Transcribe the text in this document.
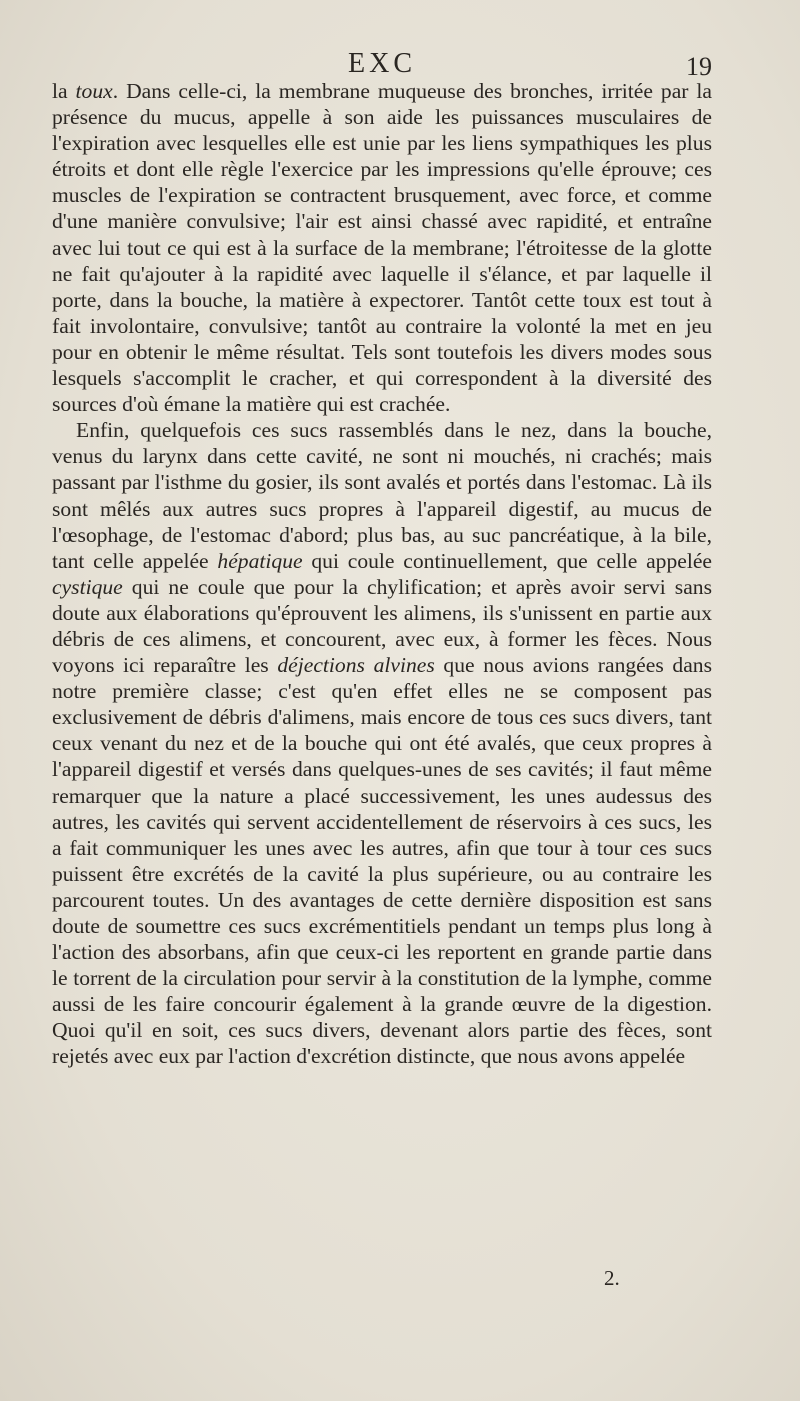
EXC	19

la toux. Dans celle-ci, la membrane muqueuse des bronches, irritée par la présence du mucus, appelle à son aide les puissances musculaires de l'expiration avec lesquelles elle est unie par les liens sympathiques les plus étroits et dont elle règle l'exercice par les impressions qu'elle éprouve; ces muscles de l'expiration se contractent brusquement, avec force, et comme d'une manière convulsive; l'air est ainsi chassé avec rapidité, et entraîne avec lui tout ce qui est à la surface de la membrane; l'étroitesse de la glotte ne fait qu'ajouter à la rapidité avec laquelle il s'élance, et par laquelle il porte, dans la bouche, la matière à expectorer. Tantôt cette toux est tout à fait involontaire, convulsive; tantôt au contraire la volonté la met en jeu pour en obtenir le même résultat. Tels sont toutefois les divers modes sous lesquels s'accomplit le cracher, et qui correspondent à la diversité des sources d'où émane la matière qui est crachée.

Enfin, quelquefois ces sucs rassemblés dans le nez, dans la bouche, venus du larynx dans cette cavité, ne sont ni mouchés, ni crachés; mais passant par l'isthme du gosier, ils sont avalés et portés dans l'estomac. Là ils sont mêlés aux autres sucs propres à l'appareil digestif, au mucus de l'œsophage, de l'estomac d'abord; plus bas, au suc pancréatique, à la bile, tant celle appelée hépatique qui coule continuellement, que celle appelée cystique qui ne coule que pour la chylification; et après avoir servi sans doute aux élaborations qu'éprouvent les alimens, ils s'unissent en partie aux débris de ces alimens, et concourent, avec eux, à former les fèces. Nous voyons ici reparaître les déjections alvines que nous avions rangées dans notre première classe; c'est qu'en effet elles ne se composent pas exclusivement de débris d'alimens, mais encore de tous ces sucs divers, tant ceux venant du nez et de la bouche qui ont été avalés, que ceux propres à l'appareil digestif et versés dans quelques-unes de ses cavités; il faut même remarquer que la nature a placé successivement, les unes audessus des autres, les cavités qui servent accidentellement de réservoirs à ces sucs, les a fait communiquer les unes avec les autres, afin que tour à tour ces sucs puissent être excrétés de la cavité la plus supérieure, ou au contraire les parcourent toutes. Un des avantages de cette dernière disposition est sans doute de soumettre ces sucs excrémentitiels pendant un temps plus long à l'action des absorbans, afin que ceux-ci les reportent en grande partie dans le torrent de la circulation pour servir à la constitution de la lymphe, comme aussi de les faire concourir également à la grande œuvre de la digestion. Quoi qu'il en soit, ces sucs divers, devenant alors partie des fèces, sont rejetés avec eux par l'action d'excrétion distincte, que nous avons appelée

2.
